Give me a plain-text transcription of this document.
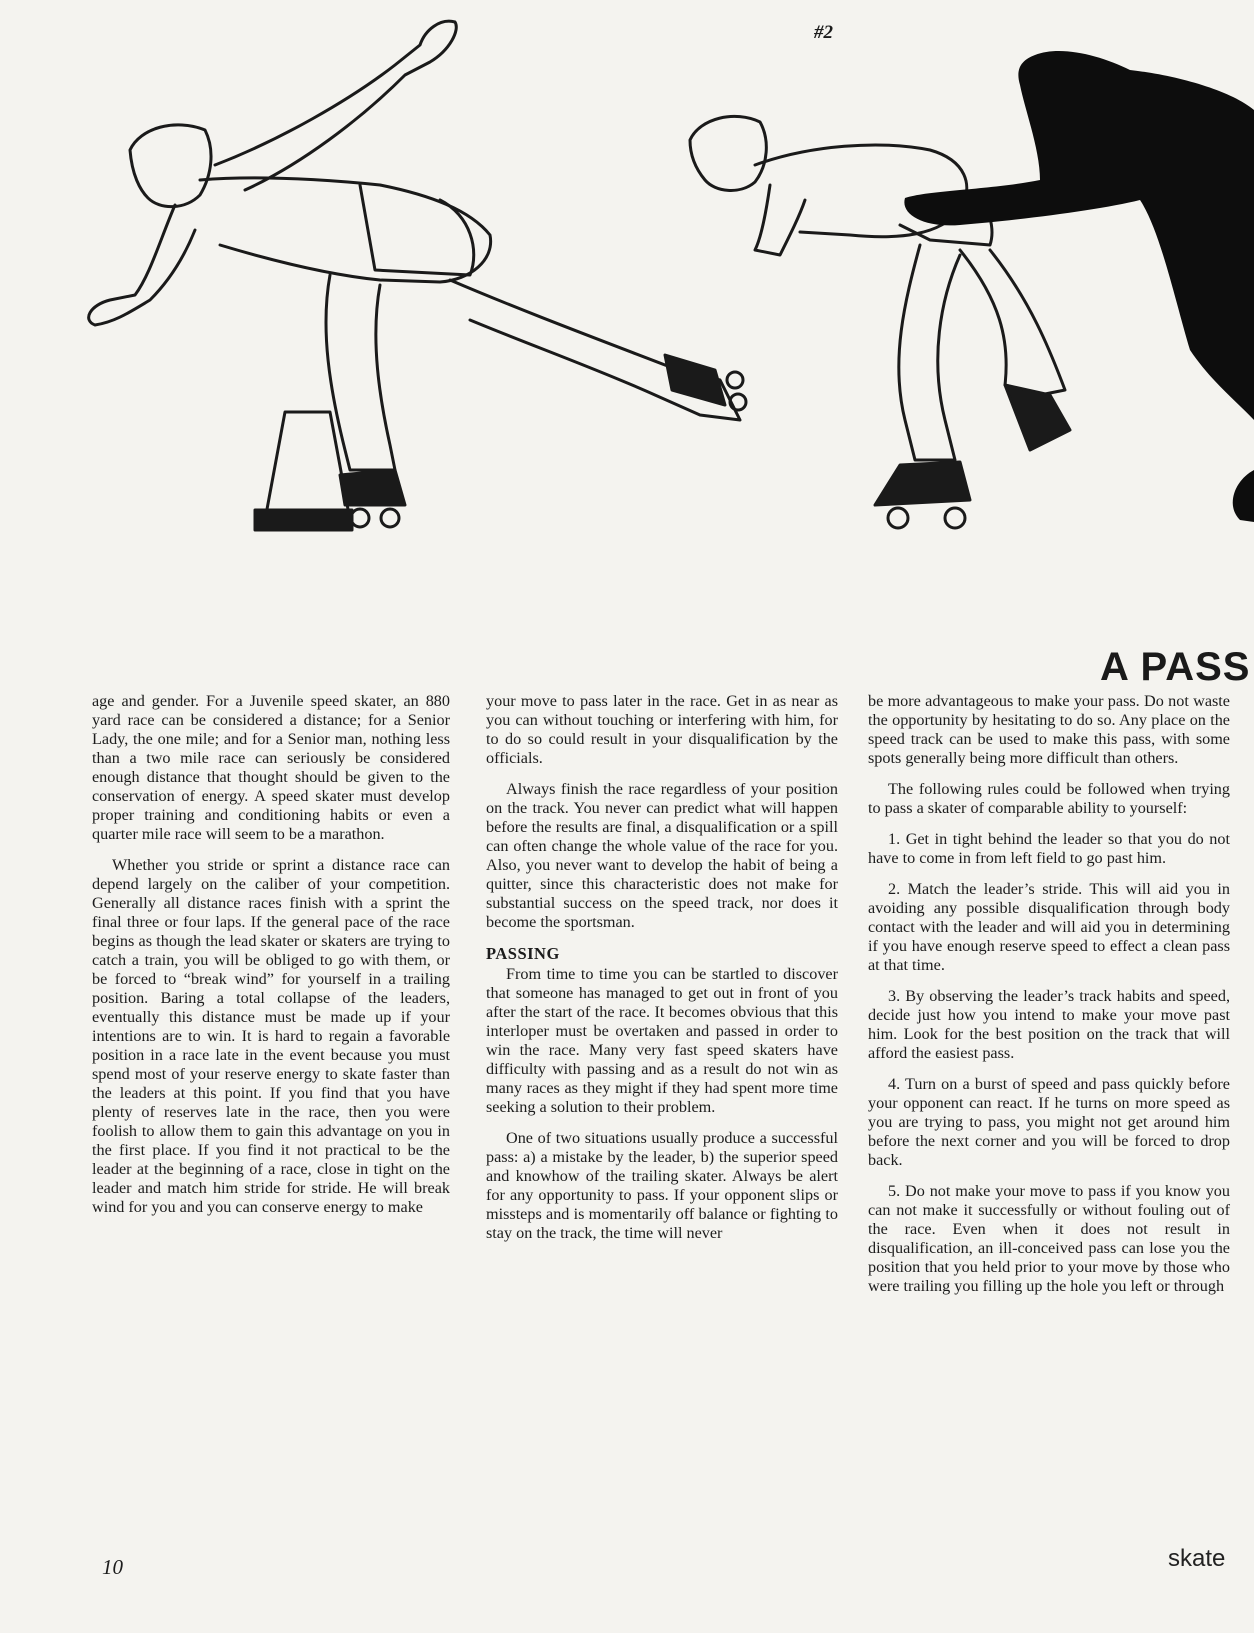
#2
A PASS

age and gender. For a Juvenile speed skater, an 880 yard race can be considered a distance; for a Senior Lady, the one mile; and for a Senior man, nothing less than a two mile race can seriously be considered enough distance that thought should be given to the conservation of energy. A speed skater must develop proper training and conditioning habits or even a quarter mile race will seem to be a marathon.

Whether you stride or sprint a distance race can depend largely on the caliber of your competition. Generally all distance races finish with a sprint the final three or four laps. If the general pace of the race begins as though the lead skater or skaters are trying to catch a train, you will be obliged to go with them, or be forced to “break wind” for yourself in a trailing position. Baring a total collapse of the leaders, eventually this distance must be made up if your intentions are to win. It is hard to regain a favorable position in a race late in the event because you must spend most of your reserve energy to skate faster than the leaders at this point. If you find that you have plenty of reserves late in the race, then you were foolish to allow them to gain this advantage on you in the first place. If you find it not practical to be the leader at the beginning of a race, close in tight on the leader and match him stride for stride. He will break wind for you and you can conserve energy to make

your move to pass later in the race. Get in as near as you can without touching or interfering with him, for to do so could result in your disqualification by the officials.

Always finish the race regardless of your position on the track. You never can predict what will happen before the results are final, a disqualification or a spill can often change the whole value of the race for you. Also, you never want to develop the habit of being a quitter, since this characteristic does not make for substantial success on the speed track, nor does it become the sportsman.

PASSING

From time to time you can be startled to discover that someone has managed to get out in front of you after the start of the race. It becomes obvious that this interloper must be overtaken and passed in order to win the race. Many very fast speed skaters have difficulty with passing and as a result do not win as many races as they might if they had spent more time seeking a solution to their problem.

One of two situations usually produce a successful pass: a) a mistake by the leader, b) the superior speed and knowhow of the trailing skater. Always be alert for any opportunity to pass. If your opponent slips or missteps and is momentarily off balance or fighting to stay on the track, the time will never

be more advantageous to make your pass. Do not waste the opportunity by hesitating to do so. Any place on the speed track can be used to make this pass, with some spots generally being more difficult than others.

The following rules could be followed when trying to pass a skater of comparable ability to yourself:

1. Get in tight behind the leader so that you do not have to come in from left field to go past him.

2. Match the leader’s stride. This will aid you in avoiding any possible disqualification through body contact with the leader and will aid you in determining if you have enough reserve speed to effect a clean pass at that time.

3. By observing the leader’s track habits and speed, decide just how you intend to make your move past him. Look for the best position on the track that will afford the easiest pass.

4. Turn on a burst of speed and pass quickly before your opponent can react. If he turns on more speed as you are trying to pass, you might not get around him before the next corner and you will be forced to drop back.

5. Do not make your move to pass if you know you can not make it successfully or without fouling out of the race. Even when it does not result in disqualification, an ill-conceived pass can lose you the position that you held prior to your move by those who were trailing you filling up the hole you left or through

10	skate
